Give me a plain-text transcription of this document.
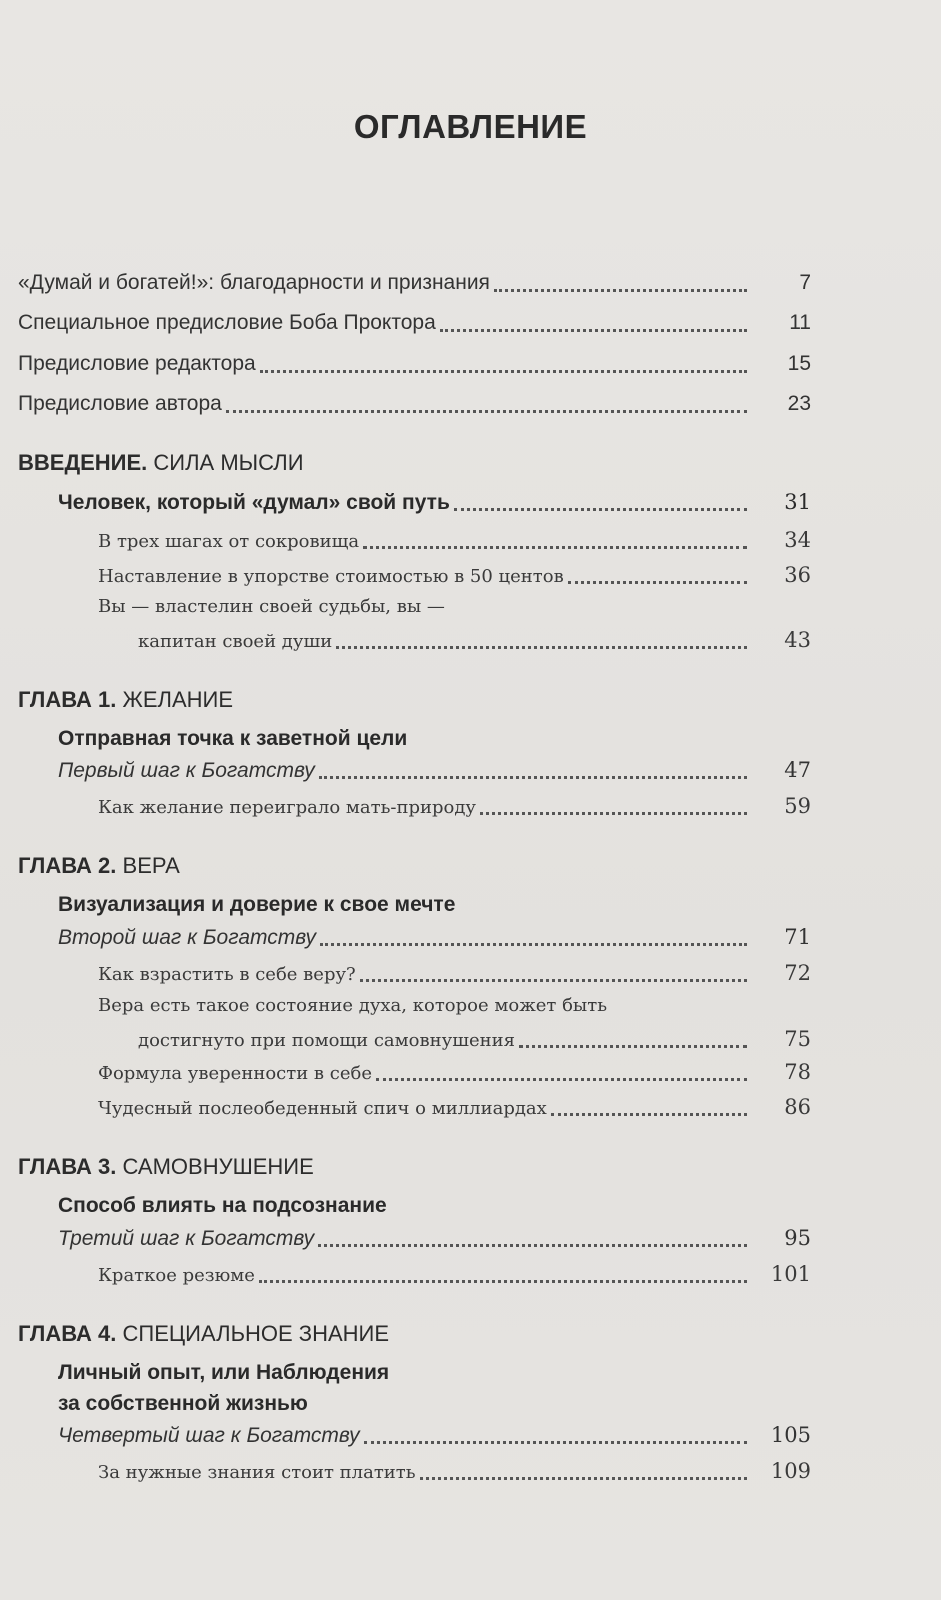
ОГЛАВЛЕНИЕ
«Думай и богатей!»: благодарности и признания	7
Специальное предисловие Боба Проктора	11
Предисловие редактора	15
Предисловие автора	23
ВВЕДЕНИЕ. СИЛА МЫСЛИ
Человек, который «думал» свой путь	31
В трех шагах от сокровища	34
Наставление в упорстве стоимостью в 50 центов	36
Вы — властелин своей судьбы, вы —
капитан своей души	43
ГЛАВА 1. ЖЕЛАНИЕ
Отправная точка к заветной цели
Первый шаг к Богатству	47
Как желание переиграло мать-природу	59
ГЛАВА 2. ВЕРА
Визуализация и доверие к свое мечте
Второй шаг к Богатству	71
Как взрастить в себе веру?	72
Вера есть такое состояние духа, которое может быть
достигнуто при помощи самовнушения	75
Формула уверенности в себе	78
Чудесный послеобеденный спич о миллиардах	86
ГЛАВА 3. САМОВНУШЕНИЕ
Способ влиять на подсознание
Третий шаг к Богатству	95
Краткое резюме	101
ГЛАВА 4. СПЕЦИАЛЬНОЕ ЗНАНИЕ
Личный опыт, или Наблюдения
за собственной жизнью
Четвертый шаг к Богатству	105
За нужные знания стоит платить	109
